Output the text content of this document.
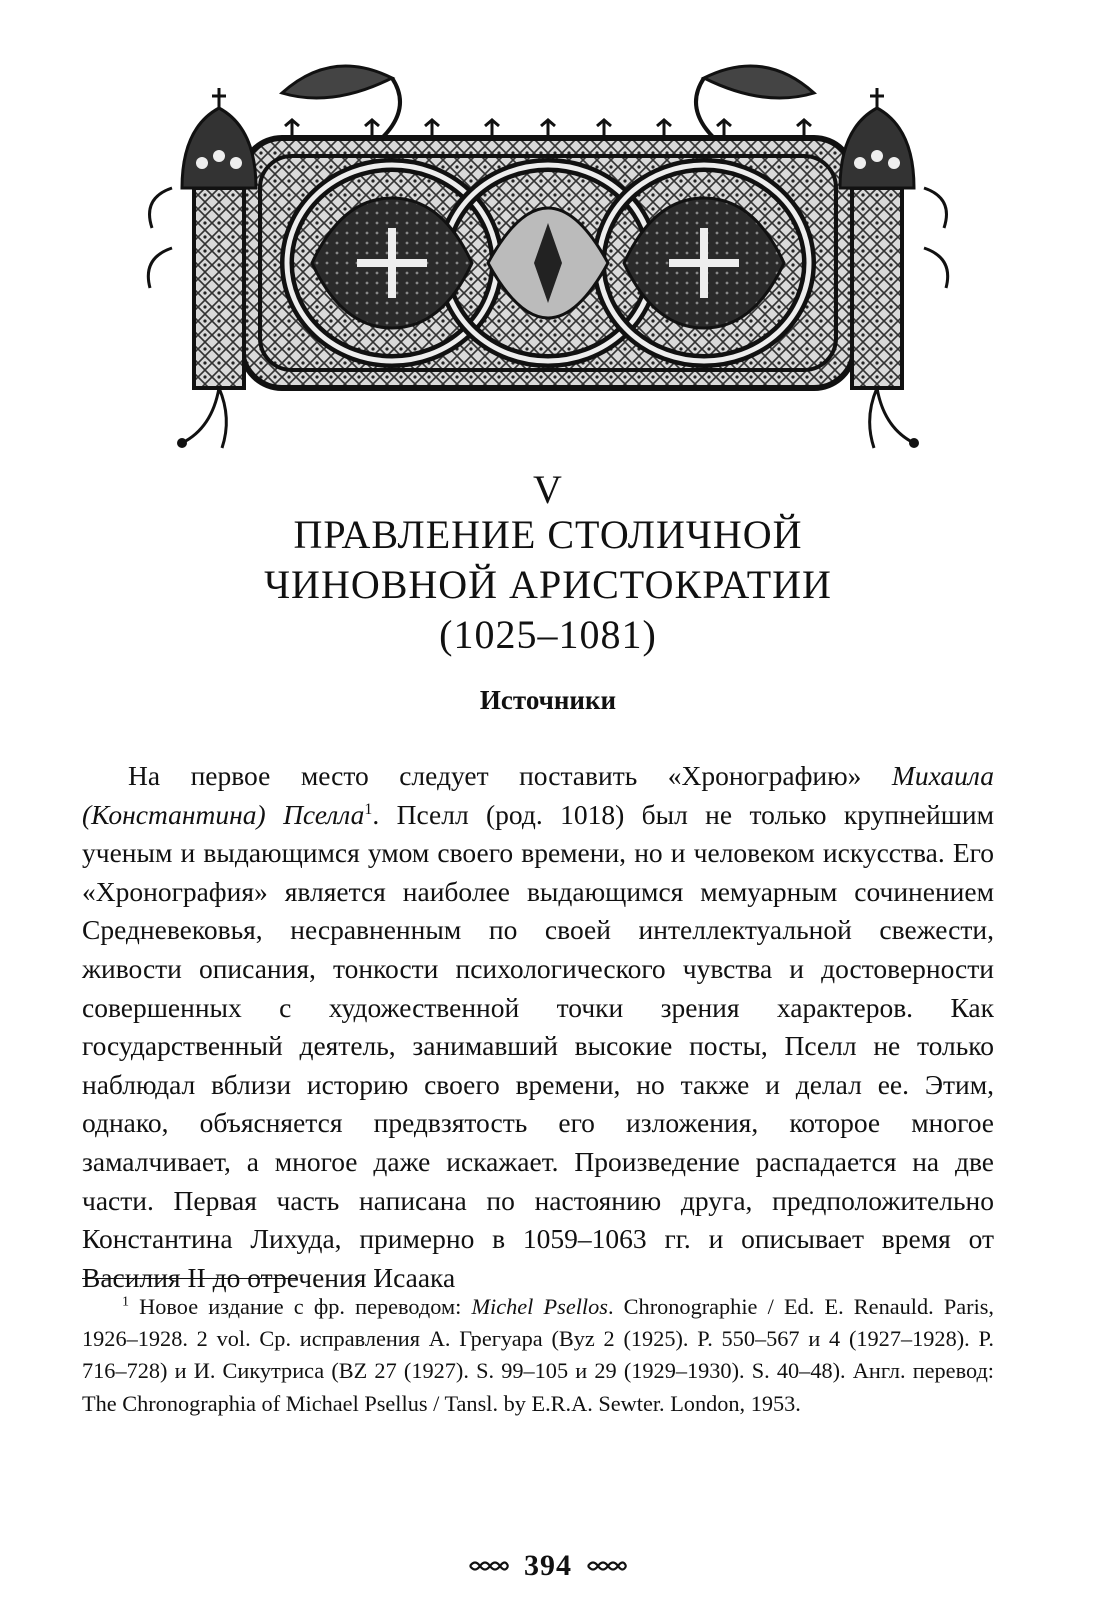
V
ПРАВЛЕНИЕ СТОЛИЧНОЙ
ЧИНОВНОЙ АРИСТОКРАТИИ
(1025–1081)
Источники

На первое место следует поставить «Хронографию» Михаила (Константина) Пселла$^1$. Пселл (род. 1018) был не только крупнейшим ученым и выдающимся умом своего времени, но и человеком искусства. Его «Хронография» является наиболее выдающимся мемуарным сочинением Средневековья, несравненным по своей интеллектуальной свежести, живости описания, тонкости психологического чувства и достоверности совершенных с художественной точки зрения характеров. Как государственный деятель, занимавший высокие посты, Пселл не только наблюдал вблизи историю своего времени, но также и делал ее. Этим, однако, объясняется предвзятость его изложения, которое многое замалчивает, а многое даже искажает. Произведение распадается на две части. Первая часть написана по настоянию друга, предположительно Константина Лихуда, примерно в 1059–1063 гг. и описывает время от Василия II до отречения Исаака

$^1$ Новое издание с фр. переводом: Michel Psellos. Chronographie / Ed. E. Renauld. Paris, 1926–1928. 2 vol. Ср. исправления А. Грегуара (Byz 2 (1925). P. 550–567 и 4 (1927–1928). P. 716–728) и И. Сикутриса (BZ 27 (1927). S. 99–105 и 29 (1929–1930). S. 40–48). Англ. перевод: The Chronographia of Michael Psellus / Tansl. by E.R.A. Sewter. London, 1953.

394
